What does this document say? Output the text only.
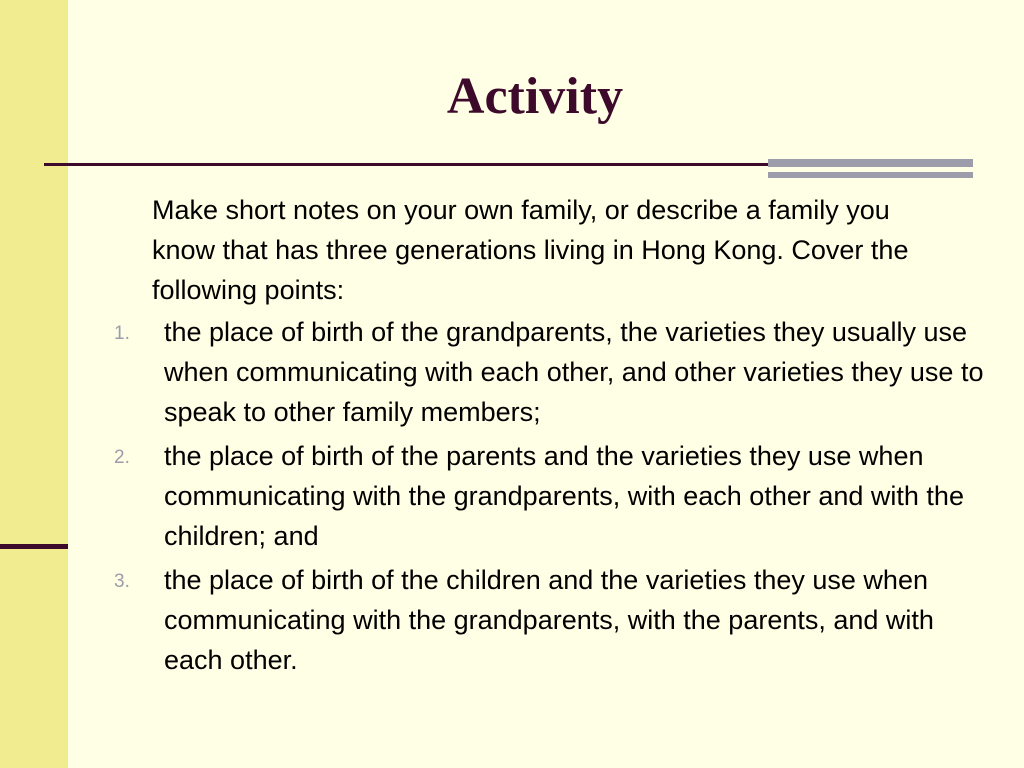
Activity

Make short notes on your own family, or describe a family you know that has three generations living in Hong Kong. Cover the following points:

1. the place of birth of the grandparents, the varieties they usually use when communicating with each other, and other varieties they use to speak to other family members;
2. the place of birth of the parents and the varieties they use when communicating with the grandparents, with each other and with the children; and
3. the place of birth of the children and the varieties they use when communicating with the grandparents, with the parents, and with each other.
